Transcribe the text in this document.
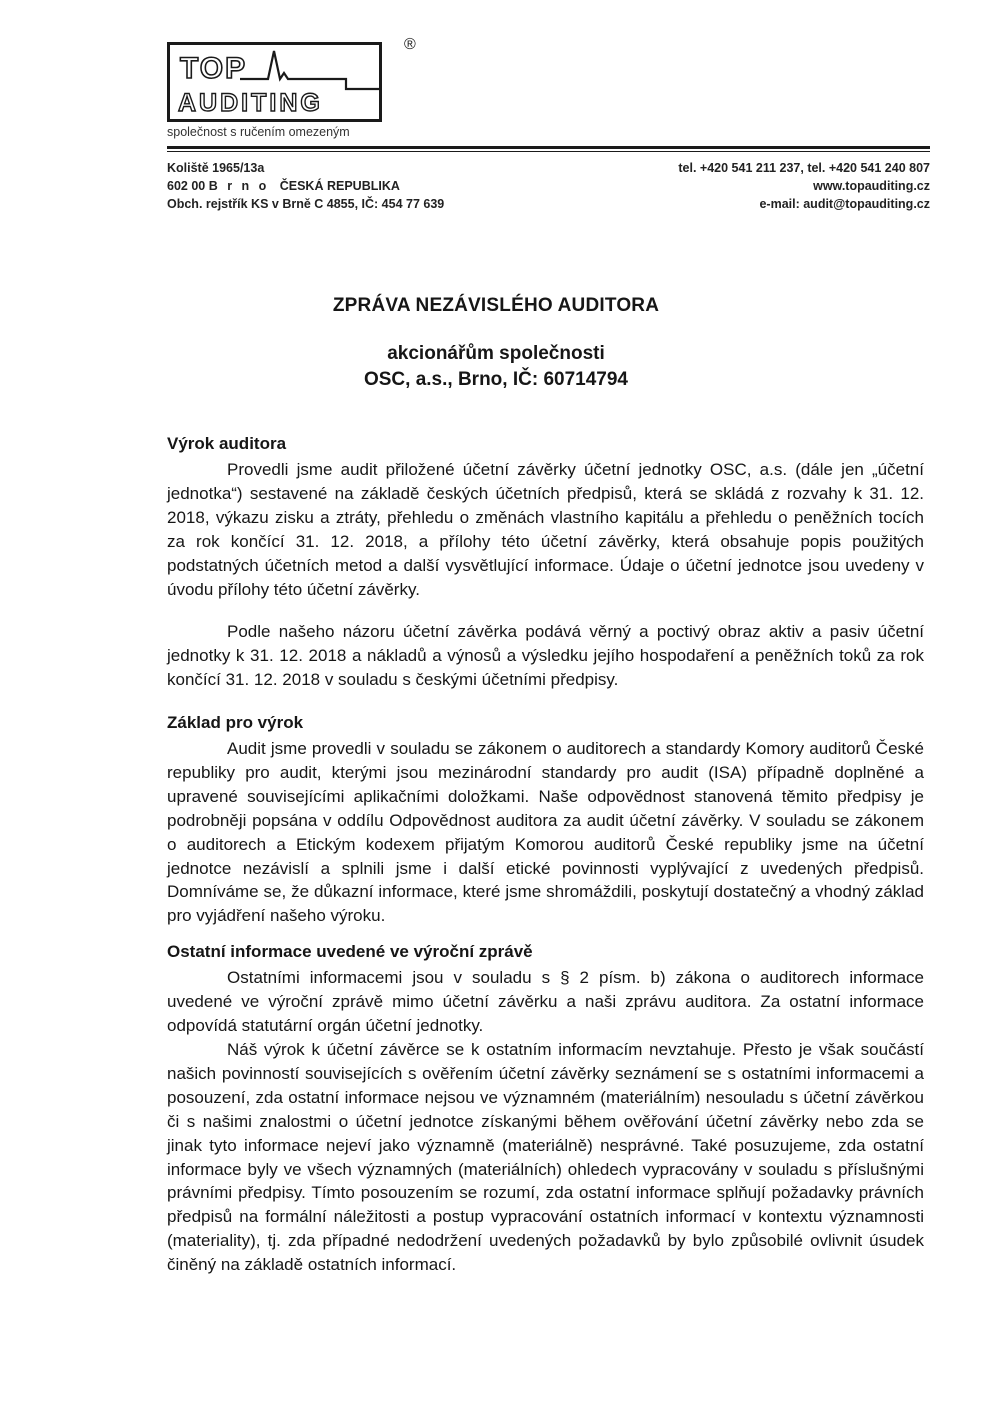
TOP
AUDITING
®
společnost s ručením omezeným
Koliště 1965/13a
602 00 B r n o ČESKÁ REPUBLIKA
Obch. rejstřík KS v Brně C 4855, IČ: 454 77 639
tel. +420 541 211 237, tel. +420 541 240 807
www.topauditing.cz
e-mail: audit@topauditing.cz
ZPRÁVA NEZÁVISLÉHO AUDITORA
akcionářům společnosti
OSC, a.s., Brno, IČ: 60714794
Výrok auditora
Provedli jsme audit přiložené účetní závěrky účetní jednotky OSC, a.s. (dále jen „účetní jednotka“) sestavené na základě českých účetních předpisů, která se skládá z rozvahy k 31. 12. 2018, výkazu zisku a ztráty, přehledu o změnách vlastního kapitálu a přehledu o peněžních tocích za rok končící 31. 12. 2018, a přílohy této účetní závěrky, která obsahuje popis použitých podstatných účetních metod a další vysvětlující informace. Údaje o účetní jednotce jsou uvedeny v úvodu přílohy této účetní závěrky.
Podle našeho názoru účetní závěrka podává věrný a poctivý obraz aktiv a pasiv účetní jednotky k 31. 12. 2018 a nákladů a výnosů a výsledku jejího hospodaření a peněžních toků za rok končící 31. 12. 2018 v souladu s českými účetními předpisy.
Základ pro výrok
Audit jsme provedli v souladu se zákonem o auditorech a standardy Komory auditorů České republiky pro audit, kterými jsou mezinárodní standardy pro audit (ISA) případně doplněné a upravené souvisejícími aplikačními doložkami. Naše odpovědnost stanovená těmito předpisy je podrobněji popsána v oddílu Odpovědnost auditora za audit účetní závěrky. V souladu se zákonem o auditorech a Etickým kodexem přijatým Komorou auditorů České republiky jsme na účetní jednotce nezávislí a splnili jsme i další etické povinnosti vyplývající z uvedených předpisů. Domníváme se, že důkazní informace, které jsme shromáždili, poskytují dostatečný a vhodný základ pro vyjádření našeho výroku.
Ostatní informace uvedené ve výroční zprávě
Ostatními informacemi jsou v souladu s § 2 písm. b) zákona o auditorech informace uvedené ve výroční zprávě mimo účetní závěrku a naši zprávu auditora. Za ostatní informace odpovídá statutární orgán účetní jednotky.
Náš výrok k účetní závěrce se k ostatním informacím nevztahuje. Přesto je však součástí našich povinností souvisejících s ověřením účetní závěrky seznámení se s ostatními informacemi a posouzení, zda ostatní informace nejsou ve významném (materiálním) nesouladu s účetní závěrkou či s našimi znalostmi o účetní jednotce získanými během ověřování účetní závěrky nebo zda se jinak tyto informace nejeví jako významně (materiálně) nesprávné. Také posuzujeme, zda ostatní informace byly ve všech významných (materiálních) ohledech vypracovány v souladu s příslušnými právními předpisy. Tímto posouzením se rozumí, zda ostatní informace splňují požadavky právních předpisů na formální náležitosti a postup vypracování ostatních informací v kontextu významnosti (materiality), tj. zda případné nedodržení uvedených požadavků by bylo způsobilé ovlivnit úsudek činěný na základě ostatních informací.
